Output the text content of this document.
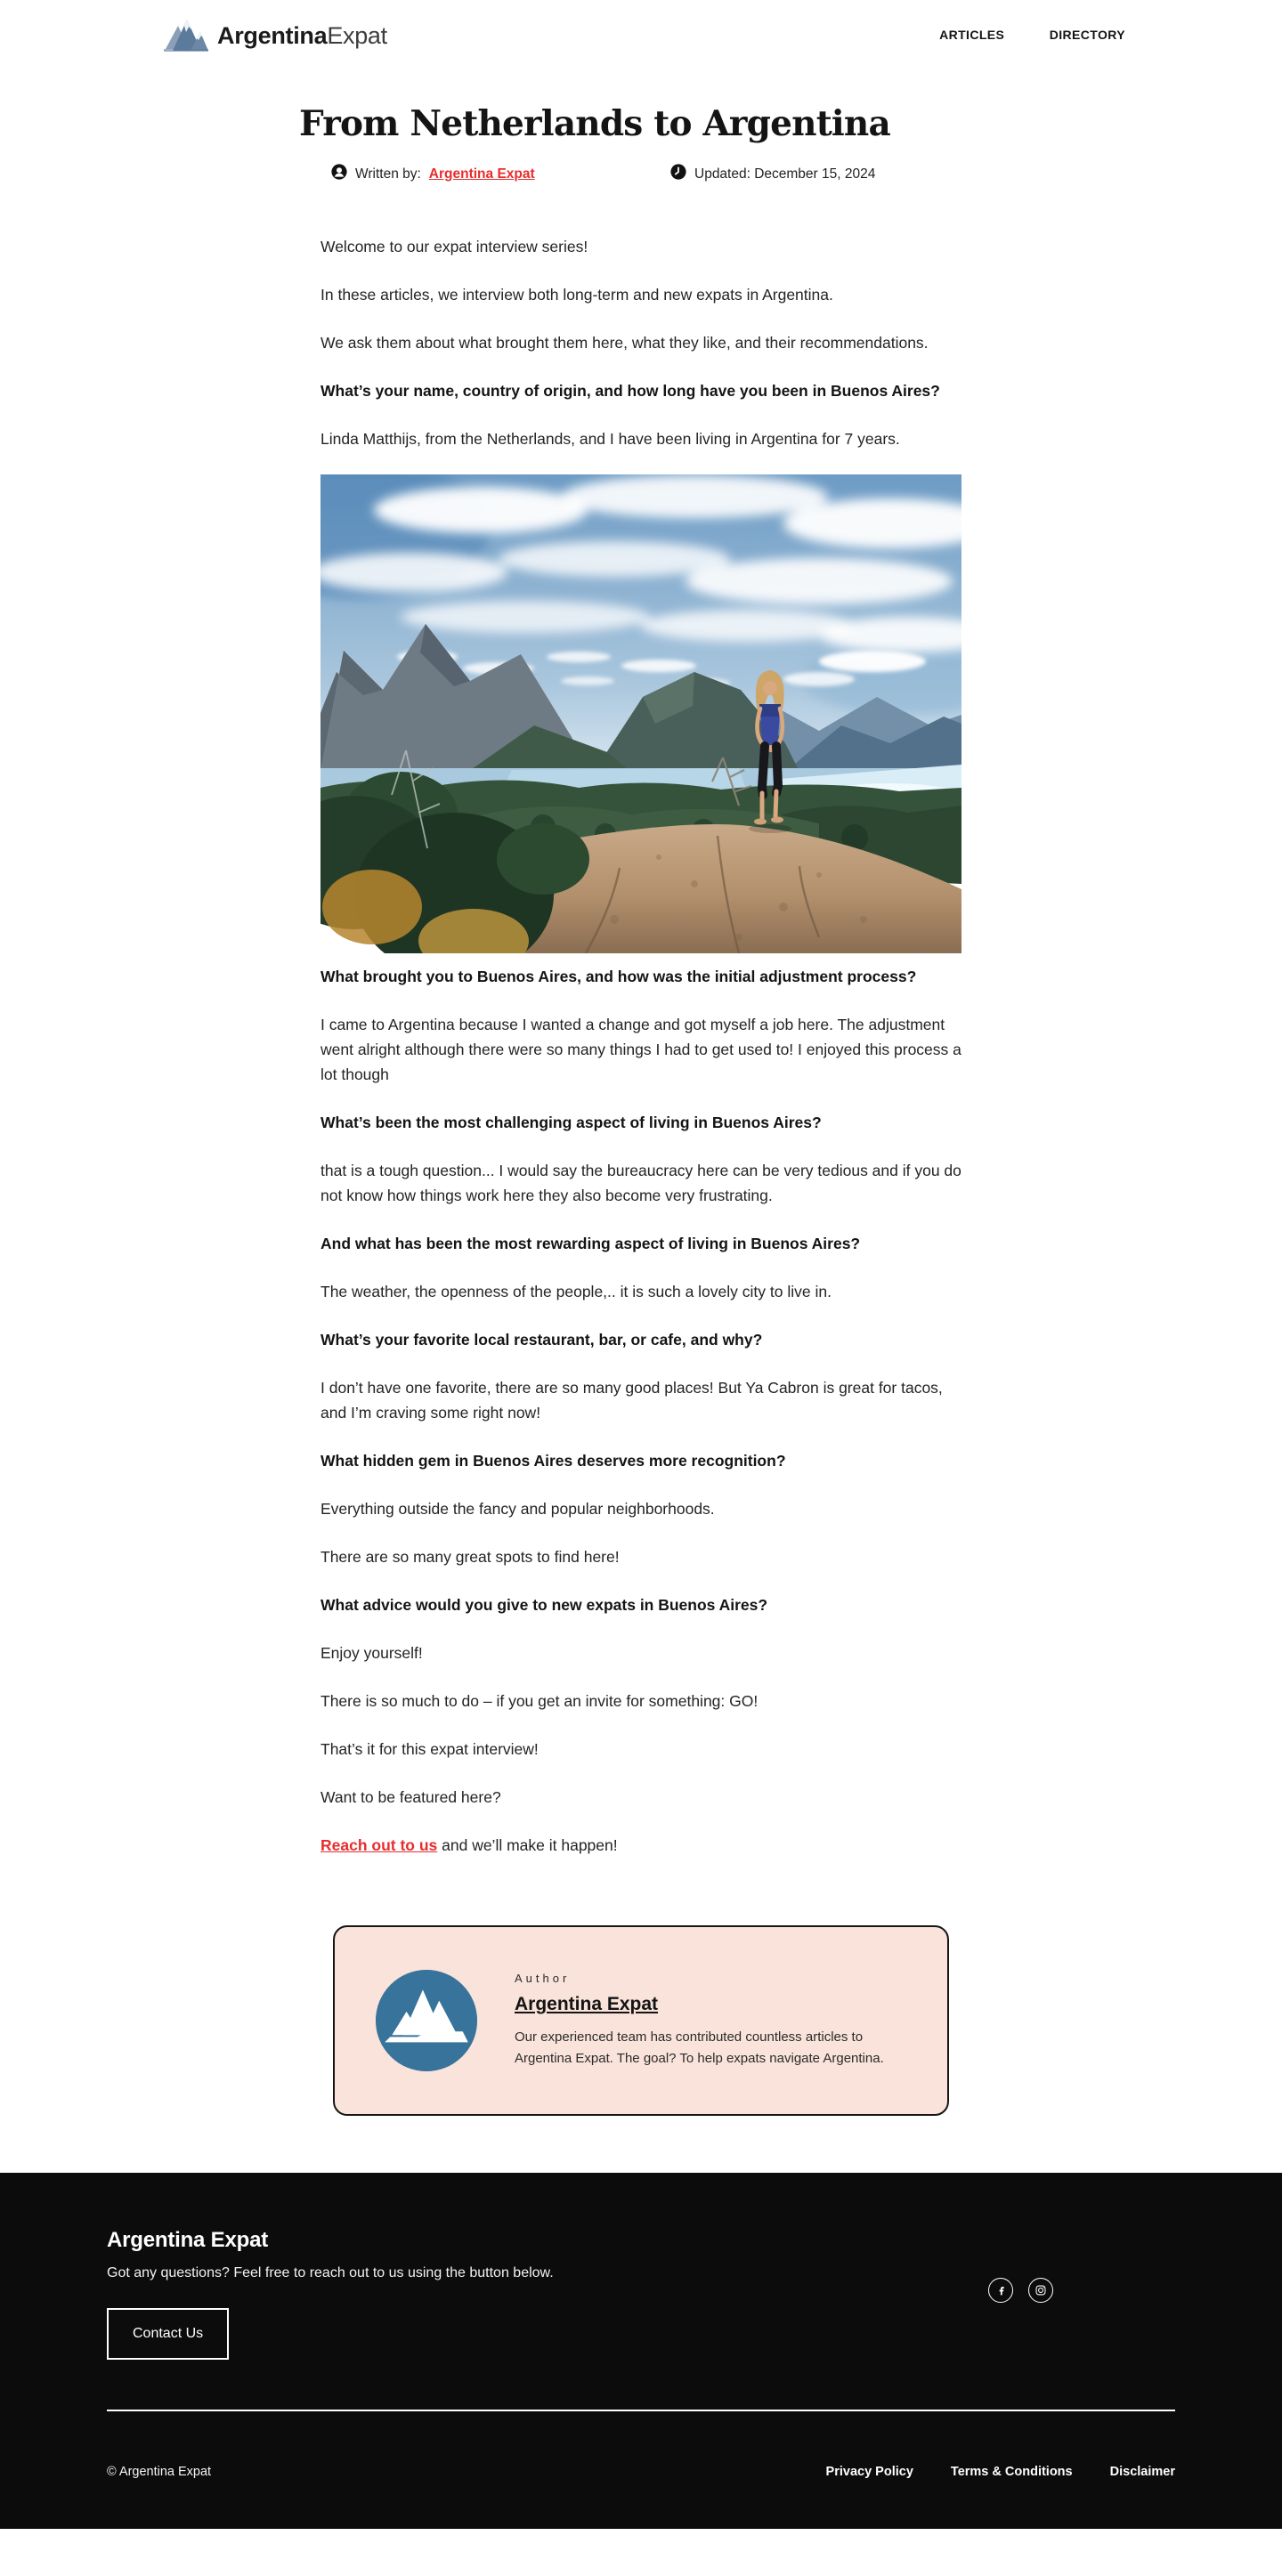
ArgentinaExpat	ARTICLES	DIRECTORY
From Netherlands to Argentina
Written by: Argentina Expat	Updated: December 15, 2024

Welcome to our expat interview series!

In these articles, we interview both long-term and new expats in Argentina.

We ask them about what brought them here, what they like, and their recommendations.

What’s your name, country of origin, and how long have you been in Buenos Aires?

Linda Matthijs, from the Netherlands, and I have been living in Argentina for 7 years.

What brought you to Buenos Aires, and how was the initial adjustment process?

I came to Argentina because I wanted a change and got myself a job here. The adjustment went alright although there were so many things I had to get used to! I enjoyed this process a lot though

What’s been the most challenging aspect of living in Buenos Aires?

that is a tough question... I would say the bureaucracy here can be very tedious and if you do not know how things work here they also become very frustrating.

And what has been the most rewarding aspect of living in Buenos Aires?

The weather, the openness of the people,.. it is such a lovely city to live in.

What’s your favorite local restaurant, bar, or cafe, and why?

I don’t have one favorite, there are so many good places! But Ya Cabron is great for tacos, and I’m craving some right now!

What hidden gem in Buenos Aires deserves more recognition?

Everything outside the fancy and popular neighborhoods.

There are so many great spots to find here!

What advice would you give to new expats in Buenos Aires?

Enjoy yourself!

There is so much to do – if you get an invite for something: GO!

That’s it for this expat interview!

Want to be featured here?

Reach out to us and we’ll make it happen!

Author
Argentina Expat

Our experienced team has contributed countless articles to Argentina Expat. The goal? To help expats navigate Argentina.

Argentina Expat

Got any questions? Feel free to reach out to us using the button below.

Contact Us
© Argentina Expat	Privacy Policy	Terms & Conditions	Disclaimer
